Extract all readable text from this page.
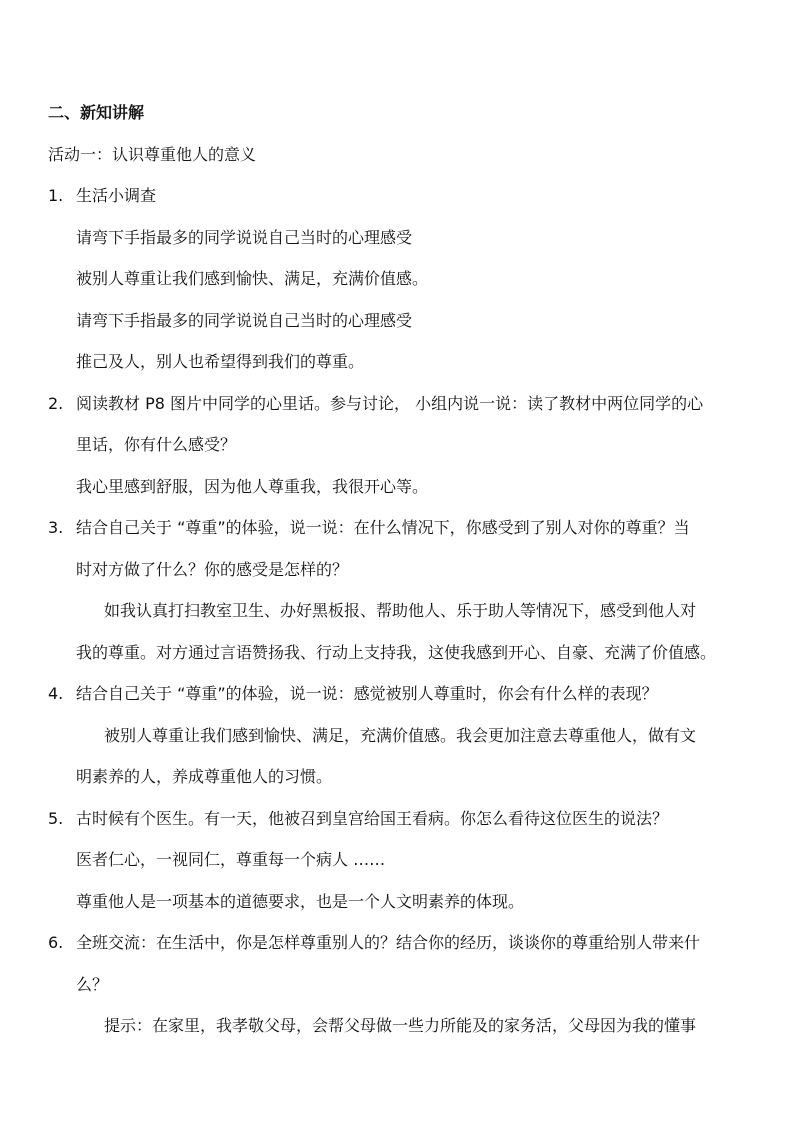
二、新知讲解
活动一：认识尊重他人的意义
1. 生活小调查
请弯下手指最多的同学说说自己当时的心理感受
被别人尊重让我们感到愉快、满足，充满价值感。
请弯下手指最多的同学说说自己当时的心理感受
推己及人，别人也希望得到我们的尊重。
2. 阅读教材 P8 图片中同学的心里话。参与讨论， 小组内说一说：读了教材中两位同学的心
里话，你有什么感受？
我心里感到舒服，因为他人尊重我，我很开心等。
3. 结合自己关于 “尊重”的体验，说一说：在什么情况下，你感受到了别人对你的尊重？当
时对方做了什么？你的感受是怎样的？
如我认真打扫教室卫生、办好黑板报、帮助他人、乐于助人等情况下，感受到他人对
我的尊重。对方通过言语赞扬我、行动上支持我，这使我感到开心、自豪、充满了价值感。
4. 结合自己关于 “尊重”的体验，说一说：感觉被别人尊重时，你会有什么样的表现？
被别人尊重让我们感到愉快、满足，充满价值感。我会更加注意去尊重他人，做有文
明素养的人，养成尊重他人的习惯。
5. 古时候有个医生。有一天，他被召到皇宫给国王看病。你怎么看待这位医生的说法？
医者仁心，一视同仁，尊重每一个病人 ……
尊重他人是一项基本的道德要求，也是一个人文明素养的体现。
6. 全班交流：在生活中，你是怎样尊重别人的？结合你的经历，谈谈你的尊重给别人带来什
么？
提示：在家里，我孝敬父母，会帮父母做一些力所能及的家务活，父母因为我的懂事
